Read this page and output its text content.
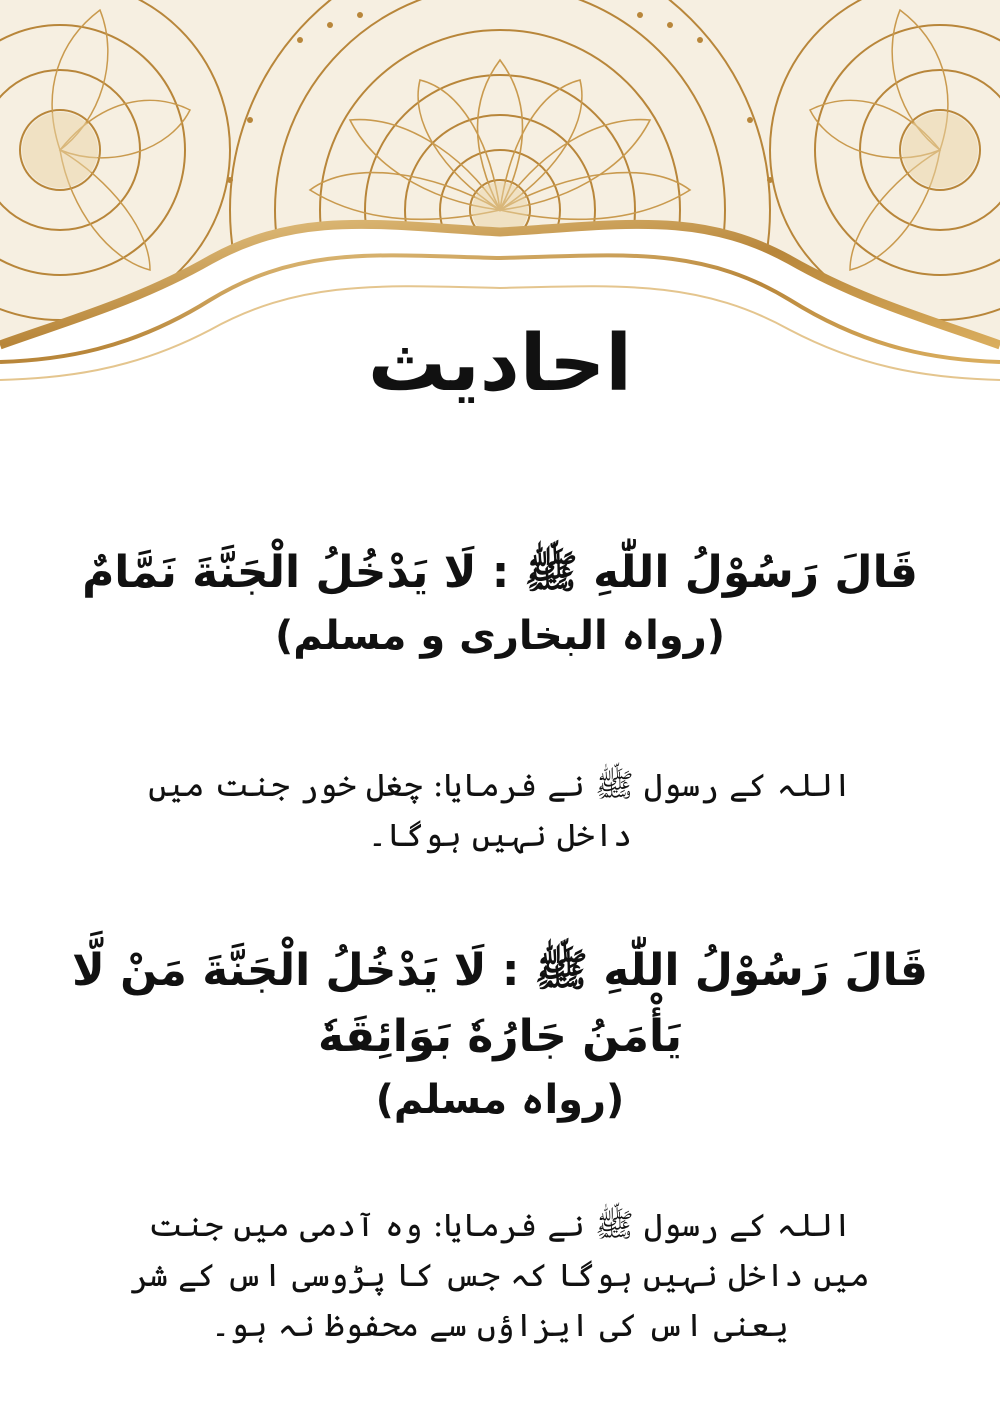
احادیث
قَالَ رَسُوْلُ اللّٰهِ ﷺ : لَا یَدْخُلُ الْجَنَّةَ نَمَّامٌ
(رواہ البخاری و مسلم)
اللہ کے رسول ﷺ نے فرمایا: چغل خور جنت میں داخل نہیں ہوگا۔
قَالَ رَسُوْلُ اللّٰهِ ﷺ : لَا یَدْخُلُ الْجَنَّةَ مَنْ لَّا یَأْمَنُ جَارُهٗ بَوَائِقَهٗ
(رواہ مسلم)
اللہ کے رسول ﷺ نے فرمایا: وہ آدمی میں جنت میں داخل نہیں ہوگا کہ جس کا پڑوسی اس کے شر یعنی اس کی ایزاؤں سے محفوظ نہ ہو۔
